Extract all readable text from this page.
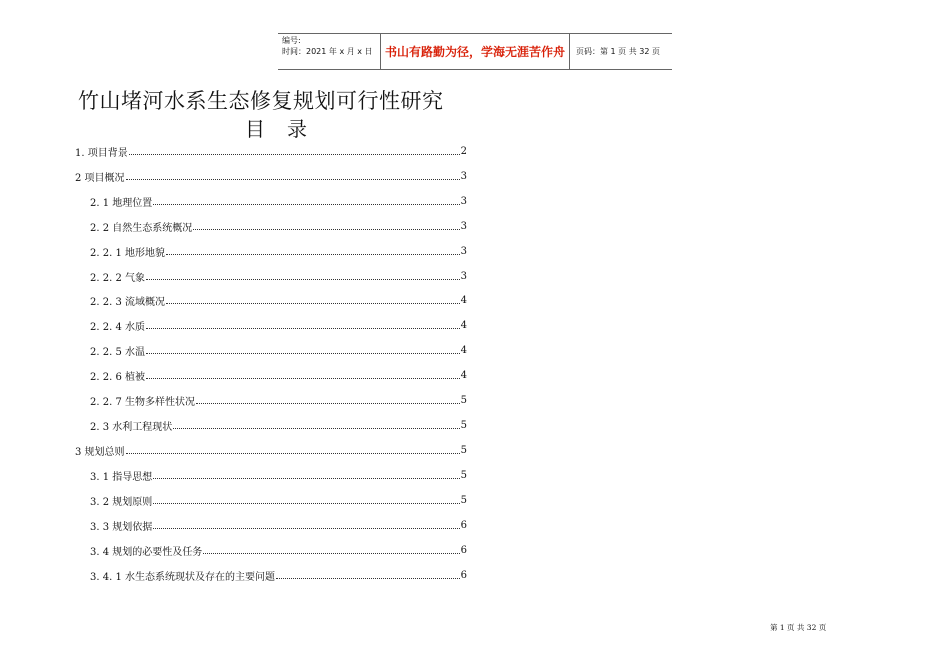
编号:
时间：2021 年 x 月 x 日	书山有路勤为径，学海无涯苦作舟	页码：第 1 页 共 32 页
竹山堵河水系生态修复规划可行性研究
目录
1. 项目背景	2
2 项目概况	3
2. 1 地理位置	3
2. 2 自然生态系统概况	3
2. 2. 1 地形地貌	3
2. 2. 2 气象	3
2. 2. 3 流域概况	4
2. 2. 4 水质	4
2. 2. 5 水温	4
2. 2. 6 植被	4
2. 2. 7 生物多样性状况	5
2. 3 水利工程现状	5
3 规划总则	5
3. 1 指导思想	5
3. 2 规划原则	5
3. 3 规划依据	6
3. 4 规划的必要性及任务	6
3. 4. 1 水生态系统现状及存在的主要问题	6
第 1 页 共 32 页
